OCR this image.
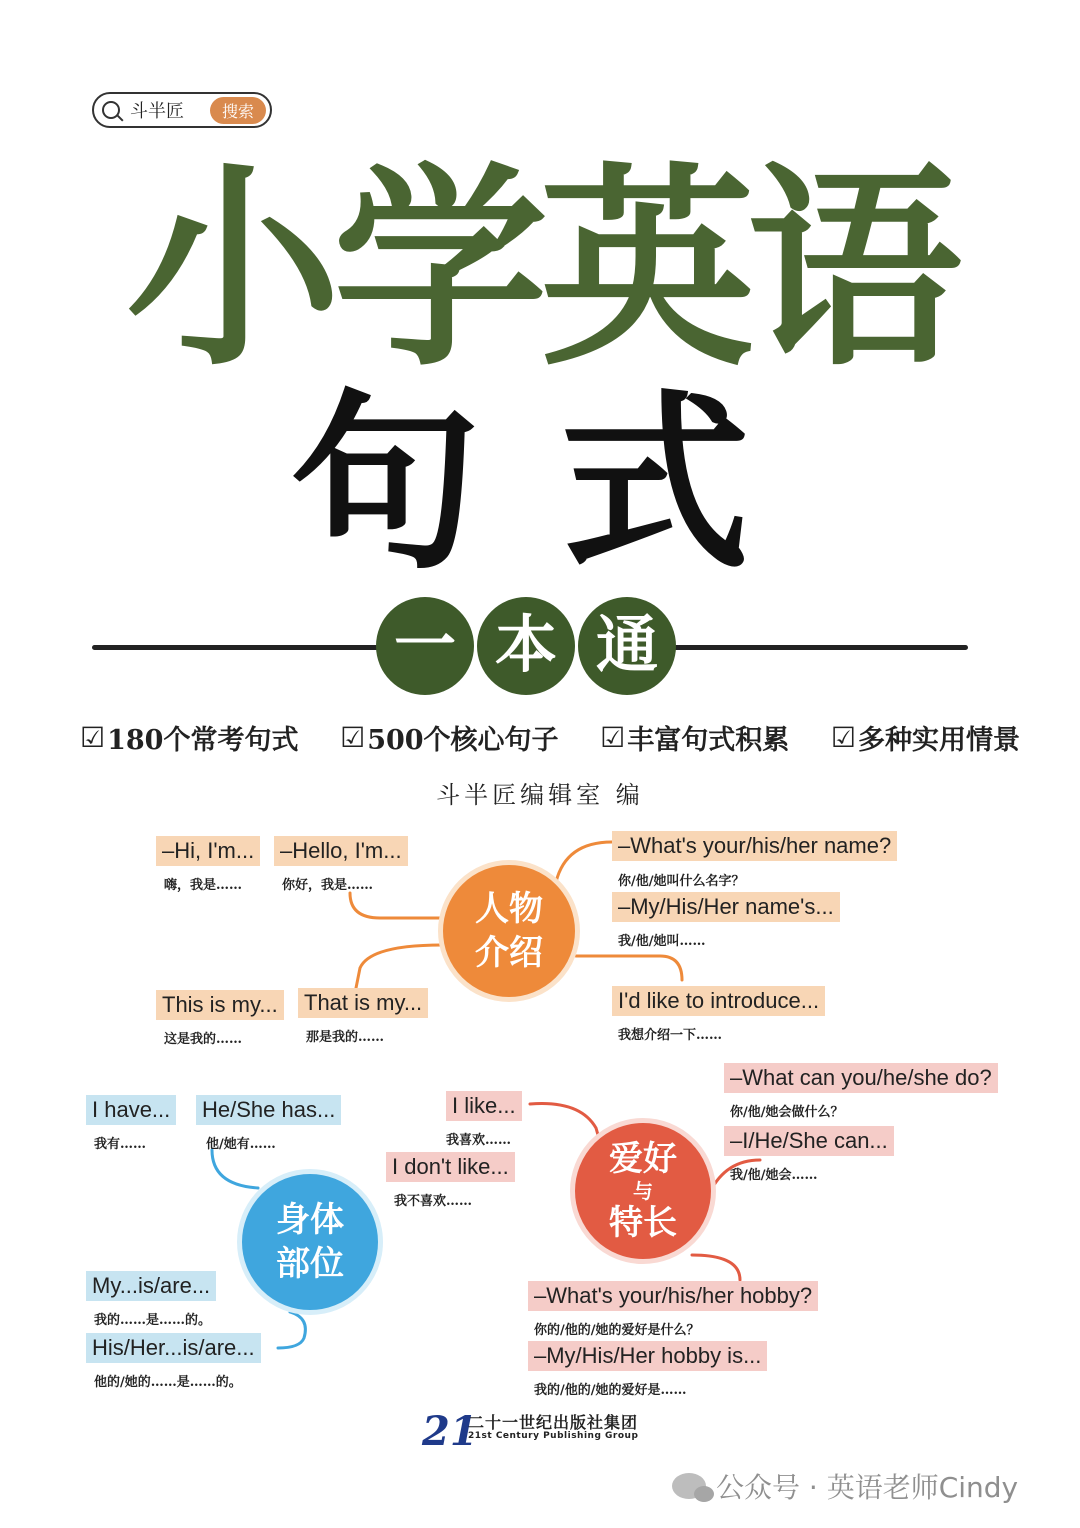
斗半匠	搜索
小学英语
句式
一 本 通
☑ 180个常考句式 ☑ 500个核心句子 ☑ 丰富句式积累 ☑ 多种实用情景
斗半匠编辑室 编
人物
介绍
–Hi, I'm...
嗨，我是……
–Hello, I'm...
你好，我是……
–What's your/his/her name?
你/他/她叫什么名字？
–My/His/Her name's...
我/他/她叫……
This is my...
这是我的……
That is my...
那是我的……
I'd like to introduce...
我想介绍一下……
身体
部位
I have...
我有……
He/She has...
他/她有……
My...is/are...
我的……是……的。
His/Her...is/are...
他的/她的……是……的。
爱好
与
特长
I like...
我喜欢……
I don't like...
我不喜欢……
–What can you/he/she do?
你/他/她会做什么？
–I/He/She can...
我/他/她会……
–What's your/his/her hobby?
你的/他的/她的爱好是什么？
–My/His/Her hobby is...
我的/他的/她的爱好是……
21
二十一世纪出版社集团
21st Century Publishing Group
公众号 · 英语老师Cindy
